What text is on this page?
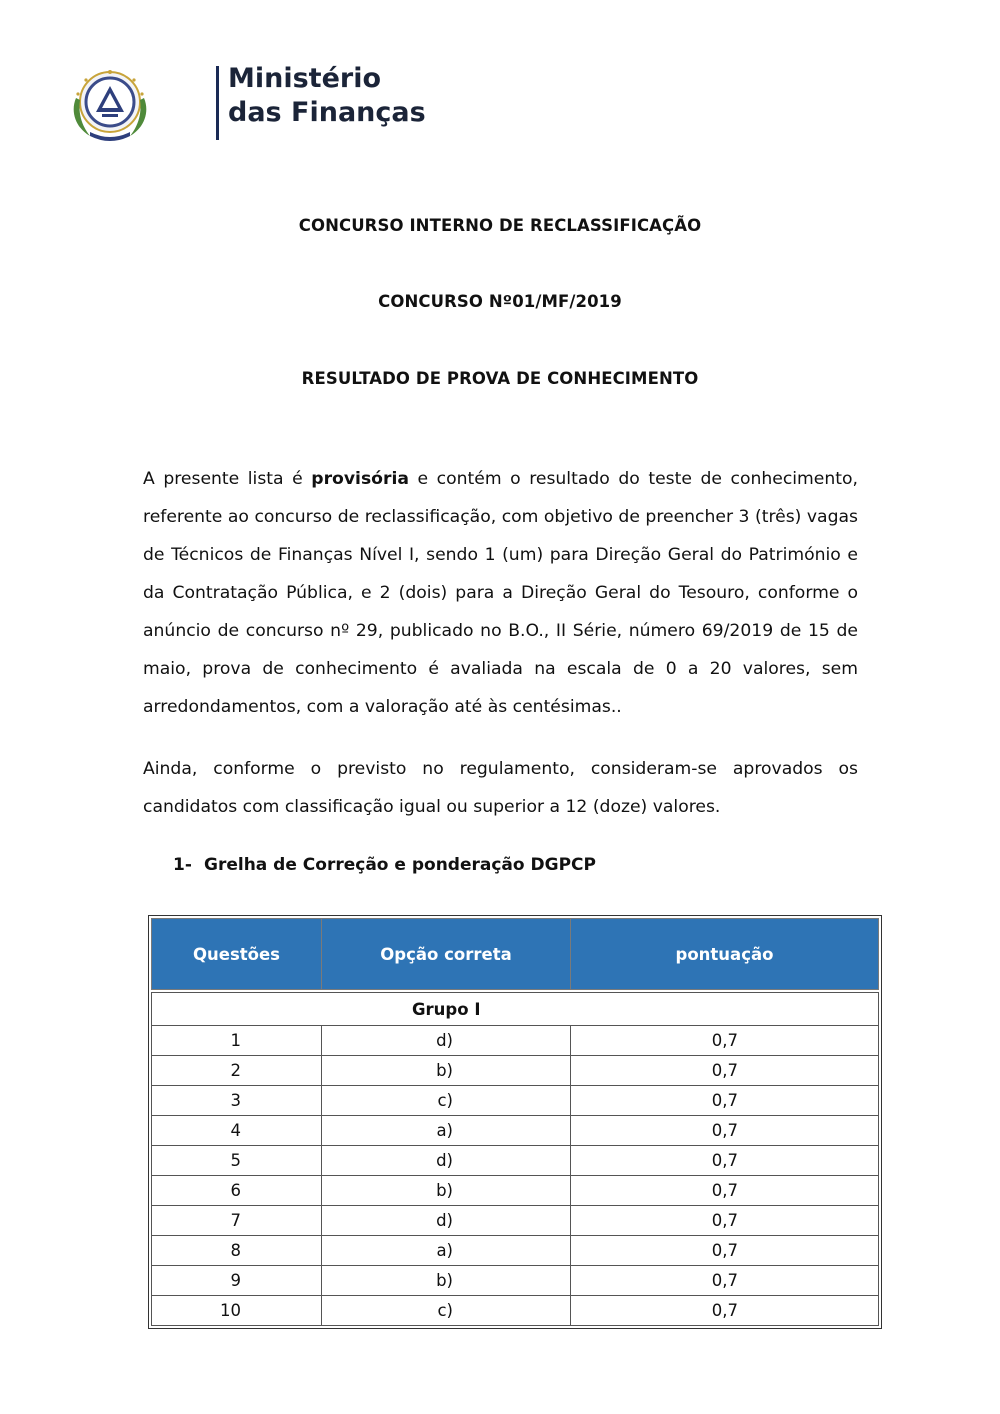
Ministério
das Finanças
CONCURSO INTERNO DE RECLASSIFICAÇÃO
CONCURSO Nº01/MF/2019
RESULTADO DE PROVA DE CONHECIMENTO

A presente lista é provisória e contém o resultado do teste de conhecimento, referente ao concurso de reclassificação, com objetivo de preencher 3 (três) vagas de Técnicos de Finanças Nível I, sendo 1 (um) para Direção Geral do Património e da Contratação Pública, e 2 (dois) para a Direção Geral do Tesouro, conforme o anúncio de concurso nº 29, publicado no B.O., II Série, número 69/2019 de 15 de maio, prova de conhecimento é avaliada na escala de 0 a 20 valores, sem arredondamentos, com a valoração até às centésimas..

Ainda, conforme o previsto no regulamento, consideram-se aprovados os candidatos com classificação igual ou superior a 12 (doze) valores.

1- Grelha de Correção e ponderação DGPCP
Questões	Opção correta	pontuação

Grupo I		
1	d)	0,7
2	b)	0,7
3	c)	0,7
4	a)	0,7
5	d)	0,7
6	b)	0,7
7	d)	0,7
8	a)	0,7
9	b)	0,7
10	c)	0,7
